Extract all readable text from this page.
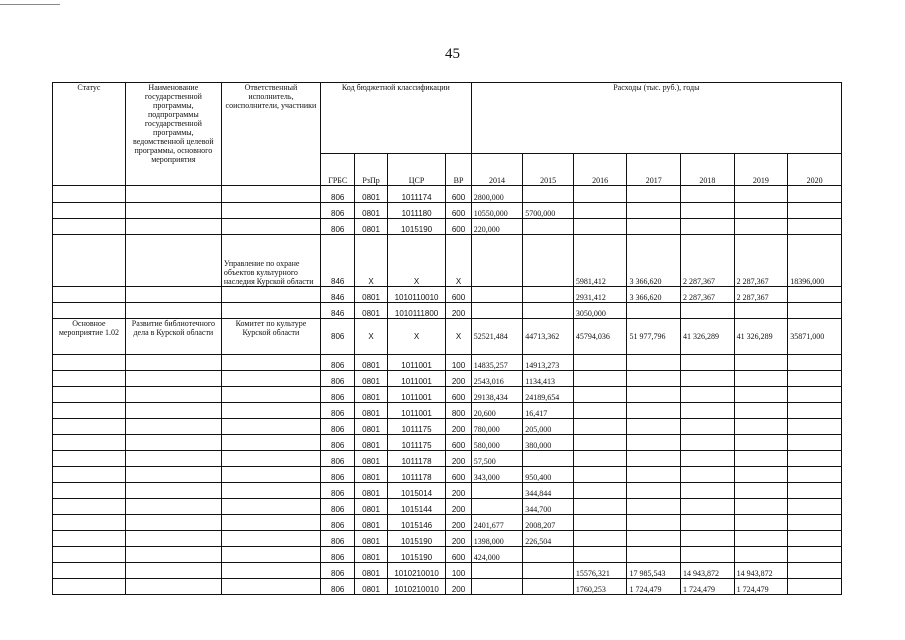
45
Статус	Наименование государственной программы, подпрограммы государственной программы, ведомственной целевой программы, основного мероприятия	Ответственный исполнитель, соисполнители, участники	Код бюджетной классификации				Расходы (тыс. руб.), годы						
			ГРБС	РзПр	ЦСР	ВР	2014	2015	2016	2017	2018	2019	2020
			806	0801	1011174	600	2800,000						
			806	0801	1011180	600	10550,000	5700,000					
			806	0801	1015190	600	220,000						
		Управление по охране объектов культурного наследия Курской области	846	X	X	X			5981,412	3 366,620	2 287,367	2 287,367	18396,000
			846	0801	1010110010	600			2931,412	3 366,620	2 287,367	2 287,367	
			846	0801	1010111800	200			3050,000				
Основное мероприятие 1.02	Развитие библиотечного дела в Курской области	Комитет по культуре Курской области	806	X	X	X	52521,484	44713,362	45794,036	51 977,796	41 326,289	41 326,289	35871,000
			806	0801	1011001	100	14835,257	14913,273					
			806	0801	1011001	200	2543,016	1134,413					
			806	0801	1011001	600	29138,434	24189,654					
			806	0801	1011001	800	20,600	16,417					
			806	0801	1011175	200	780,000	205,000					
			806	0801	1011175	600	580,000	380,000					
			806	0801	1011178	200	57,500						
			806	0801	1011178	600	343,000	950,400					
			806	0801	1015014	200		344,844					
			806	0801	1015144	200		344,700					
			806	0801	1015146	200	2401,677	2008,207					
			806	0801	1015190	200	1398,000	226,504					
			806	0801	1015190	600	424,000						
			806	0801	1010210010	100			15576,321	17 985,543	14 943,872	14 943,872	
			806	0801	1010210010	200			1760,253	1 724,479	1 724,479	1 724,479	
